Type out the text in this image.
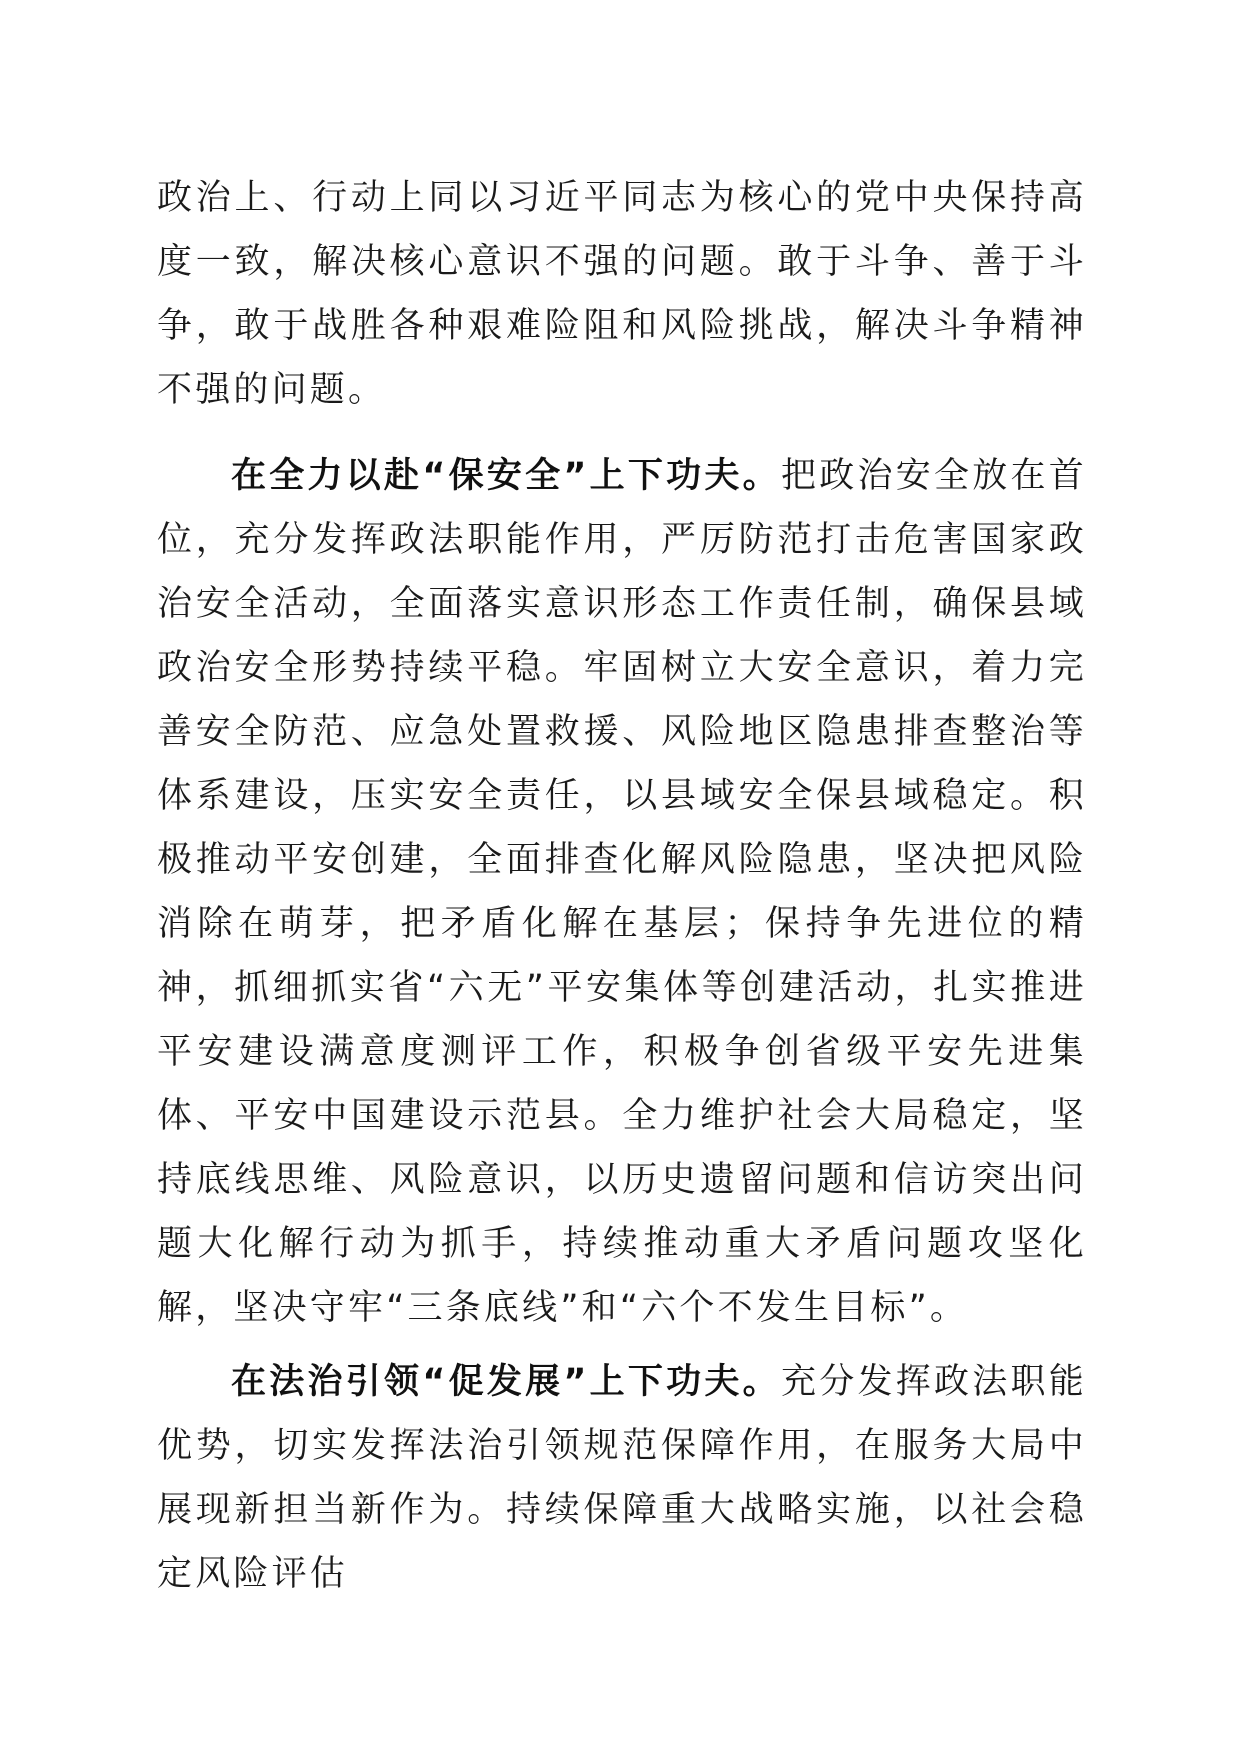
政治上、行动上同以习近平同志为核心的党中央保持高度一致，解决核心意识不强的问题。敢于斗争、善于斗争，敢于战胜各种艰难险阻和风险挑战，解决斗争精神不强的问题。

在全力以赴“保安全”上下功夫。把政治安全放在首位，充分发挥政法职能作用，严厉防范打击危害国家政治安全活动，全面落实意识形态工作责任制，确保县域政治安全形势持续平稳。牢固树立大安全意识，着力完善安全防范、应急处置救援、风险地区隐患排查整治等体系建设，压实安全责任，以县域安全保县域稳定。积极推动平安创建，全面排查化解风险隐患，坚决把风险消除在萌芽，把矛盾化解在基层；保持争先进位的精神，抓细抓实省“六无”平安集体等创建活动，扎实推进平安建设满意度测评工作，积极争创省级平安先进集体、平安中国建设示范县。全力维护社会大局稳定，坚持底线思维、风险意识，以历史遗留问题和信访突出问题大化解行动为抓手，持续推动重大矛盾问题攻坚化解，坚决守牢“三条底线”和“六个不发生目标”。

在法治引领“促发展”上下功夫。充分发挥政法职能优势，切实发挥法治引领规范保障作用，在服务大局中展现新担当新作为。持续保障重大战略实施，以社会稳定风险评估
